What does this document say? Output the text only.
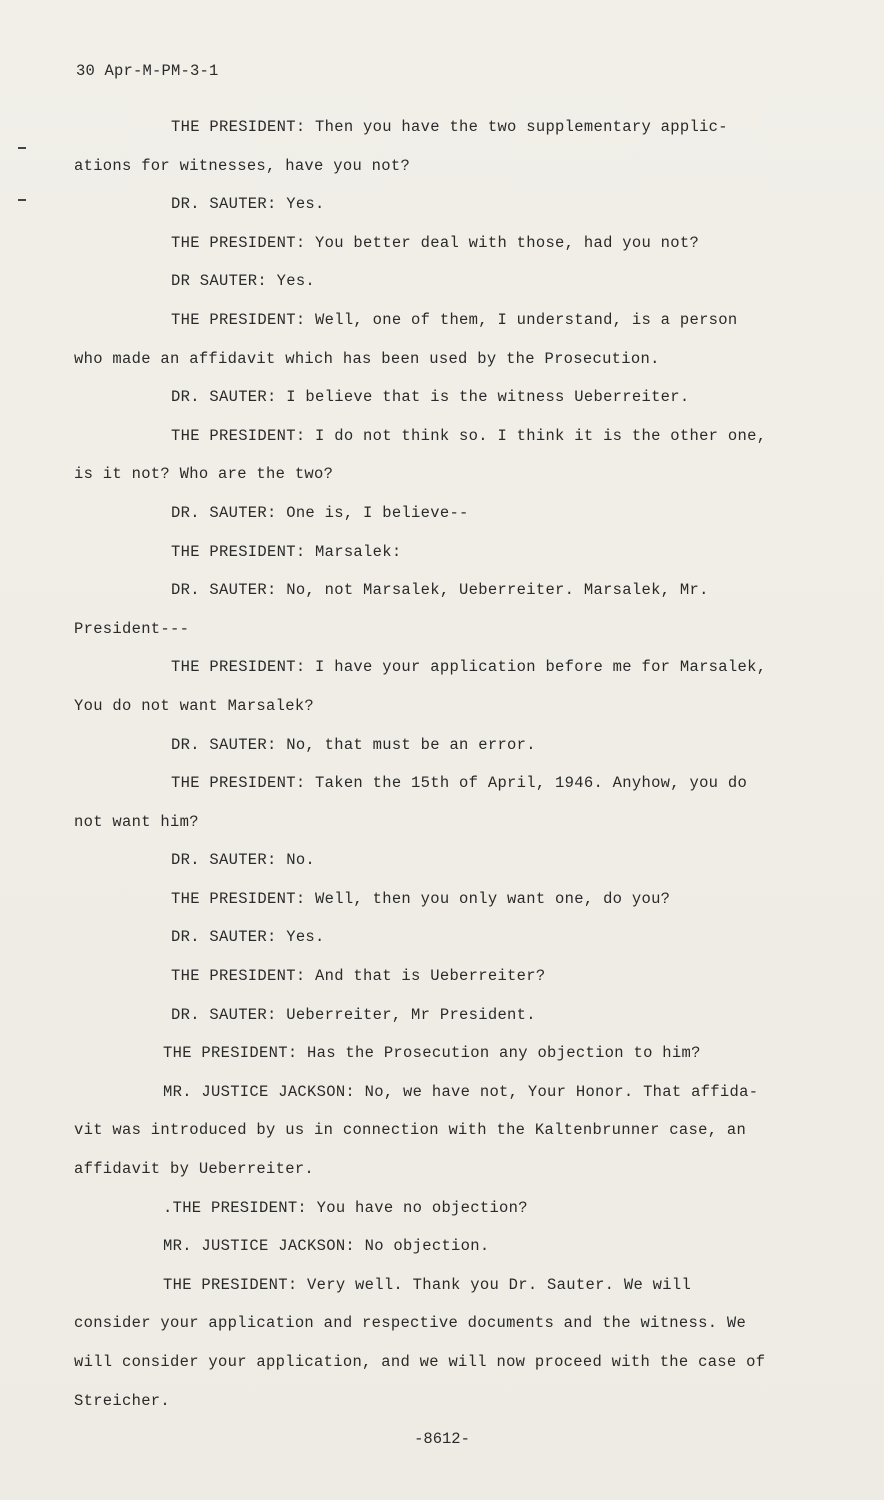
30 Apr-M-PM-3-1
THE PRESIDENT: Then you have the two supplementary applic-
ations for witnesses, have you not?
DR. SAUTER: Yes.
THE PRESIDENT: You better deal with those, had you not?
DR SAUTER: Yes.
THE PRESIDENT: Well, one of them, I understand, is a person
who made an affidavit which has been used by the Prosecution.
DR. SAUTER: I believe that is the witness Ueberreiter.
THE PRESIDENT: I do not think so. I think it is the other one,
is it not? Who are the two?
DR. SAUTER: One is, I believe--
THE PRESIDENT: Marsalek:
DR. SAUTER: No, not Marsalek, Ueberreiter. Marsalek, Mr.
President---
THE PRESIDENT: I have your application before me for Marsalek,
You do not want Marsalek?
DR. SAUTER: No, that must be an error.
THE PRESIDENT: Taken the 15th of April, 1946. Anyhow, you do
not want him?
DR. SAUTER: No.
THE PRESIDENT: Well, then you only want one, do you?
DR. SAUTER: Yes.
THE PRESIDENT: And that is Ueberreiter?
DR. SAUTER: Ueberreiter, Mr President.
THE PRESIDENT: Has the Prosecution any objection to him?
MR. JUSTICE JACKSON: No, we have not, Your Honor. That affida-
vit was introduced by us in connection with the Kaltenbrunner case, an
affidavit by Ueberreiter.
.THE PRESIDENT: You have no objection?
MR. JUSTICE JACKSON: No objection.
THE PRESIDENT: Very well. Thank you Dr. Sauter. We will
consider your application and respective documents and the witness. We
will consider your application, and we will now proceed with the case of
Streicher.
-8612-
